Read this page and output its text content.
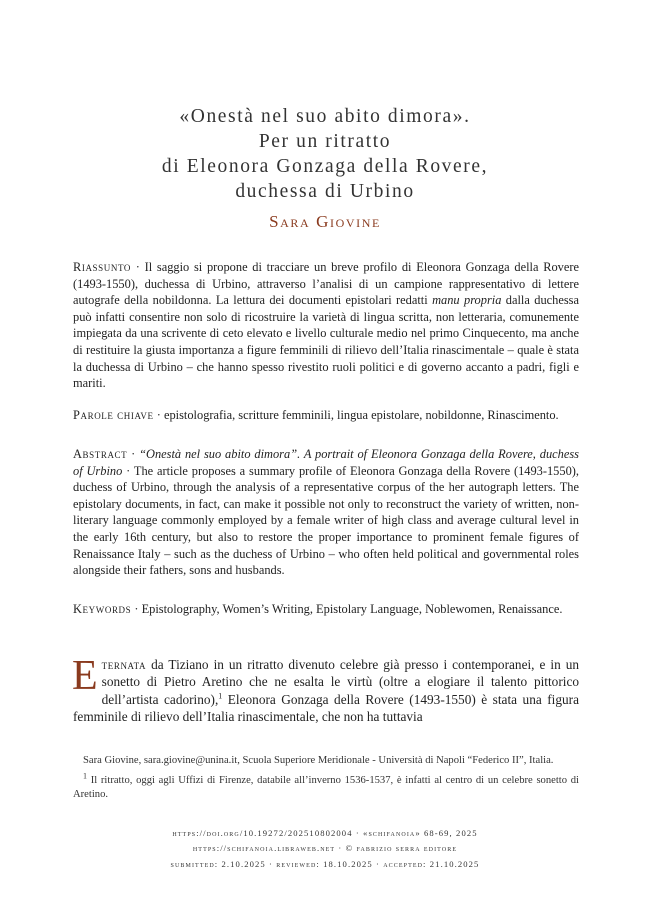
«Onestà nel suo abito dimora».
Per un ritratto
di Eleonora Gonzaga della Rovere,
duchessa di Urbino
Sara Giovine
Riassunto · Il saggio si propone di tracciare un breve profilo di Eleonora Gonzaga della Rovere (1493-1550), duchessa di Urbino, attraverso l’analisi di un campione rappresentativo di lettere autografe della nobildonna. La lettura dei documenti epistolari redatti manu propria dalla duchessa può infatti consentire non solo di ricostruire la varietà di lingua scritta, non letteraria, comunemente impiegata da una scrivente di ceto elevato e livello culturale medio nel primo Cinquecento, ma anche di restituire la giusta importanza a figure femminili di rilievo dell’Italia rinascimentale – quale è stata la duchessa di Urbino – che hanno spesso rivestito ruoli politici e di governo accanto a padri, figli e mariti.
Parole chiave · epistolografia, scritture femminili, lingua epistolare, nobildonne, Rinascimento.
Abstract · “Onestà nel suo abito dimora”. A portrait of Eleonora Gonzaga della Rovere, duchess of Urbino · The article proposes a summary profile of Eleonora Gonzaga della Rovere (1493-1550), duchess of Urbino, through the analysis of a representative corpus of the her autograph letters. The epistolary documents, in fact, can make it possible not only to reconstruct the variety of written, non-literary language commonly employed by a female writer of high class and average cultural level in the early 16th century, but also to restore the proper importance to prominent female figures of Renaissance Italy – such as the duchess of Urbino – who often held political and governmental roles alongside their fathers, sons and husbands.
Keywords · Epistolography, Women’s Writing, Epistolary Language, Noblewomen, Renaissance.
Eternata da Tiziano in un ritratto divenuto celebre già presso i contemporanei, e in un sonetto di Pietro Aretino che ne esalta le virtù (oltre a elogiare il talento pittorico dell’artista cadorino),$^1$ Eleonora Gonzaga della Rovere (1493-1550) è stata una figura femminile di rilievo dell’Italia rinascimentale, che non ha tuttavia
Sara Giovine, sara.giovine@unina.it, Scuola Superiore Meridionale - Università di Napoli “Federico II”, Italia.
$^1$ Il ritratto, oggi agli Uffizi di Firenze, databile all’inverno 1536-1537, è infatti al centro di un celebre sonetto di Aretino.
https://doi.org/10.19272/202510802004 · «schifanoia» 68-69, 2025
https://schifanoia.libraweb.net · © fabrizio serra editore
submitted: 2.10.2025 · reviewed: 18.10.2025 · accepted: 21.10.2025
